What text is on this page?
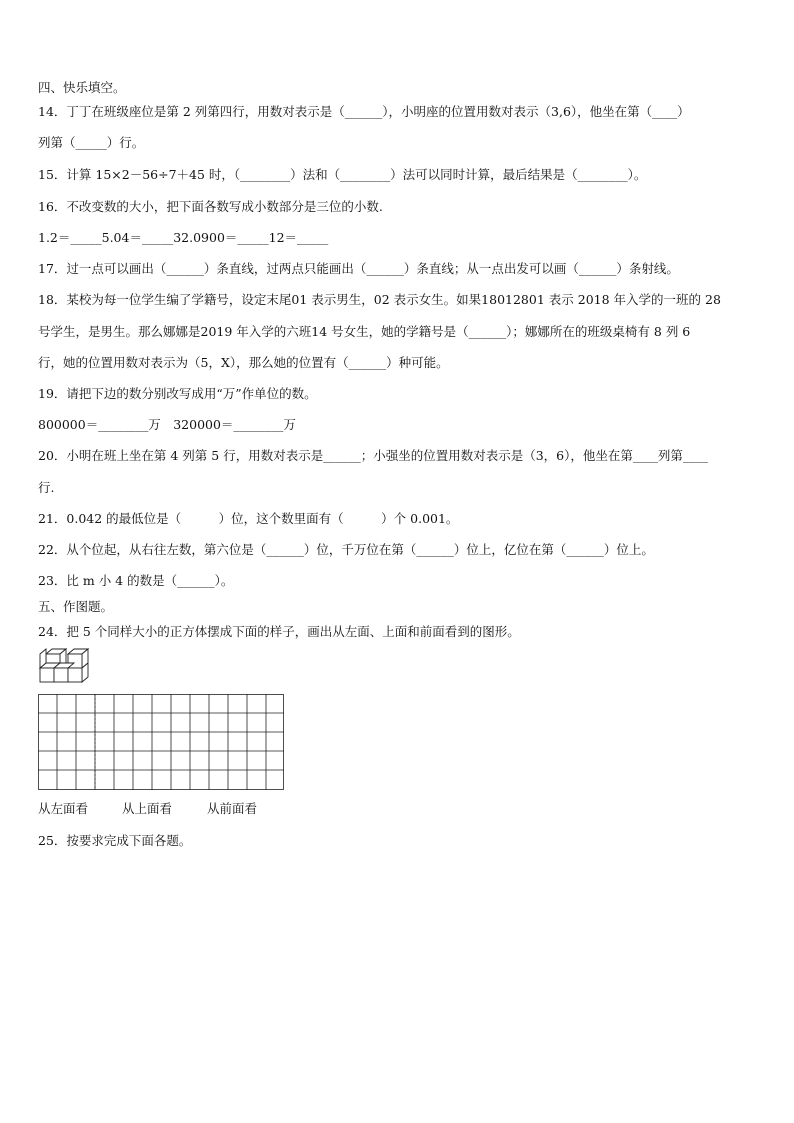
四、快乐填空。
14．丁丁在班级座位是第 2 列第四行，用数对表示是（______），小明座的位置用数对表示（3,6），他坐在第（____）
列第（_____）行。
15．计算 15×2－56÷7＋45 时，（________）法和（________）法可以同时计算，最后结果是（________）。
16．不改变数的大小，把下面各数写成小数部分是三位的小数.
1.2＝_____5.04＝_____32.0900＝_____12＝_____
17．过一点可以画出（______）条直线，过两点只能画出（______）条直线；从一点出发可以画（______）条射线。
18．某校为每一位学生编了学籍号，设定末尾01 表示男生，02 表示女生。如果18012801 表示 2018 年入学的一班的 28
号学生，是男生。那么娜娜是2019 年入学的六班14 号女生，她的学籍号是（______）；娜娜所在的班级桌椅有 8 列 6
行，她的位置用数对表示为（5，X），那么她的位置有（______）种可能。
19．请把下边的数分别改写成用“万”作单位的数。
800000＝________万　320000＝________万
20．小明在班上坐在第 4 列第 5 行，用数对表示是______；小强坐的位置用数对表示是（3，6），他坐在第____列第____
行.
21．0.042 的最低位是（　　　）位，这个数里面有（　　　）个 0.001。
22．从个位起，从右往左数，第六位是（______）位，千万位在第（______）位上，亿位在第（______）位上。
23．比 m 小 4 的数是（______）。
五、作图题。
24．把 5 个同样大小的正方体摆成下面的样子，画出从左面、上面和前面看到的图形。
从左面看	从上面看	从前面看
25．按要求完成下面各题。
